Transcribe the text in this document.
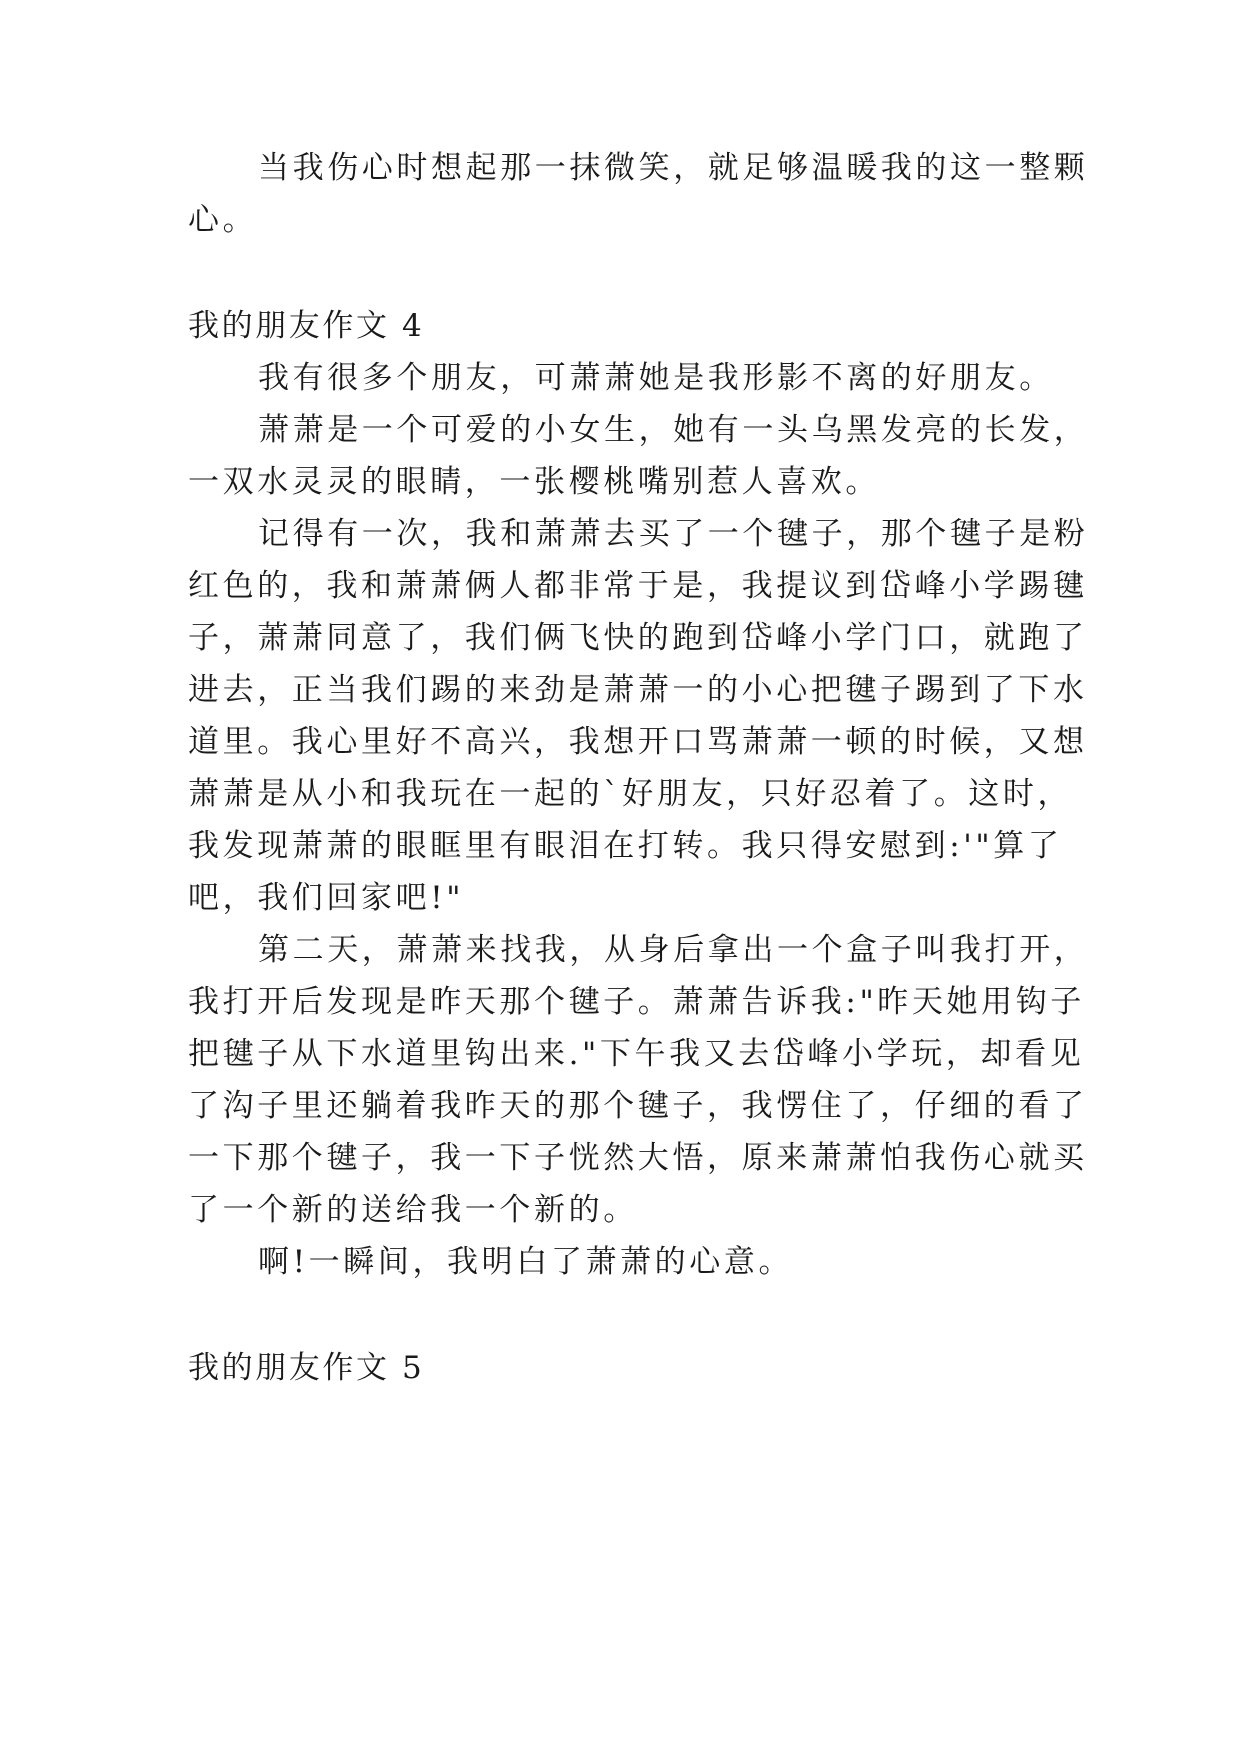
当我伤心时想起那一抹微笑，就足够温暖我的这一整颗
心。
我的朋友作文 4
我有很多个朋友，可萧萧她是我形影不离的好朋友。
萧萧是一个可爱的小女生，她有一头乌黑发亮的长发，
一双水灵灵的眼睛，一张樱桃嘴别惹人喜欢。
记得有一次，我和萧萧去买了一个毽子，那个毽子是粉
红色的，我和萧萧俩人都非常于是，我提议到岱峰小学踢毽
子，萧萧同意了，我们俩飞快的跑到岱峰小学门口，就跑了
进去，正当我们踢的来劲是萧萧一的小心把毽子踢到了下水
道里。我心里好不高兴，我想开口骂萧萧一顿的时候，又想
萧萧是从小和我玩在一起的`好朋友，只好忍着了。这时，
我发现萧萧的眼眶里有眼泪在打转。我只得安慰到:'"算了
吧，我们回家吧!"
第二天，萧萧来找我，从身后拿出一个盒子叫我打开，
我打开后发现是昨天那个毽子。萧萧告诉我:"昨天她用钩子
把毽子从下水道里钩出来."下午我又去岱峰小学玩，却看见
了沟子里还躺着我昨天的那个毽子，我愣住了，仔细的看了
一下那个毽子，我一下子恍然大悟，原来萧萧怕我伤心就买
了一个新的送给我一个新的。
啊!一瞬间，我明白了萧萧的心意。
我的朋友作文 5
